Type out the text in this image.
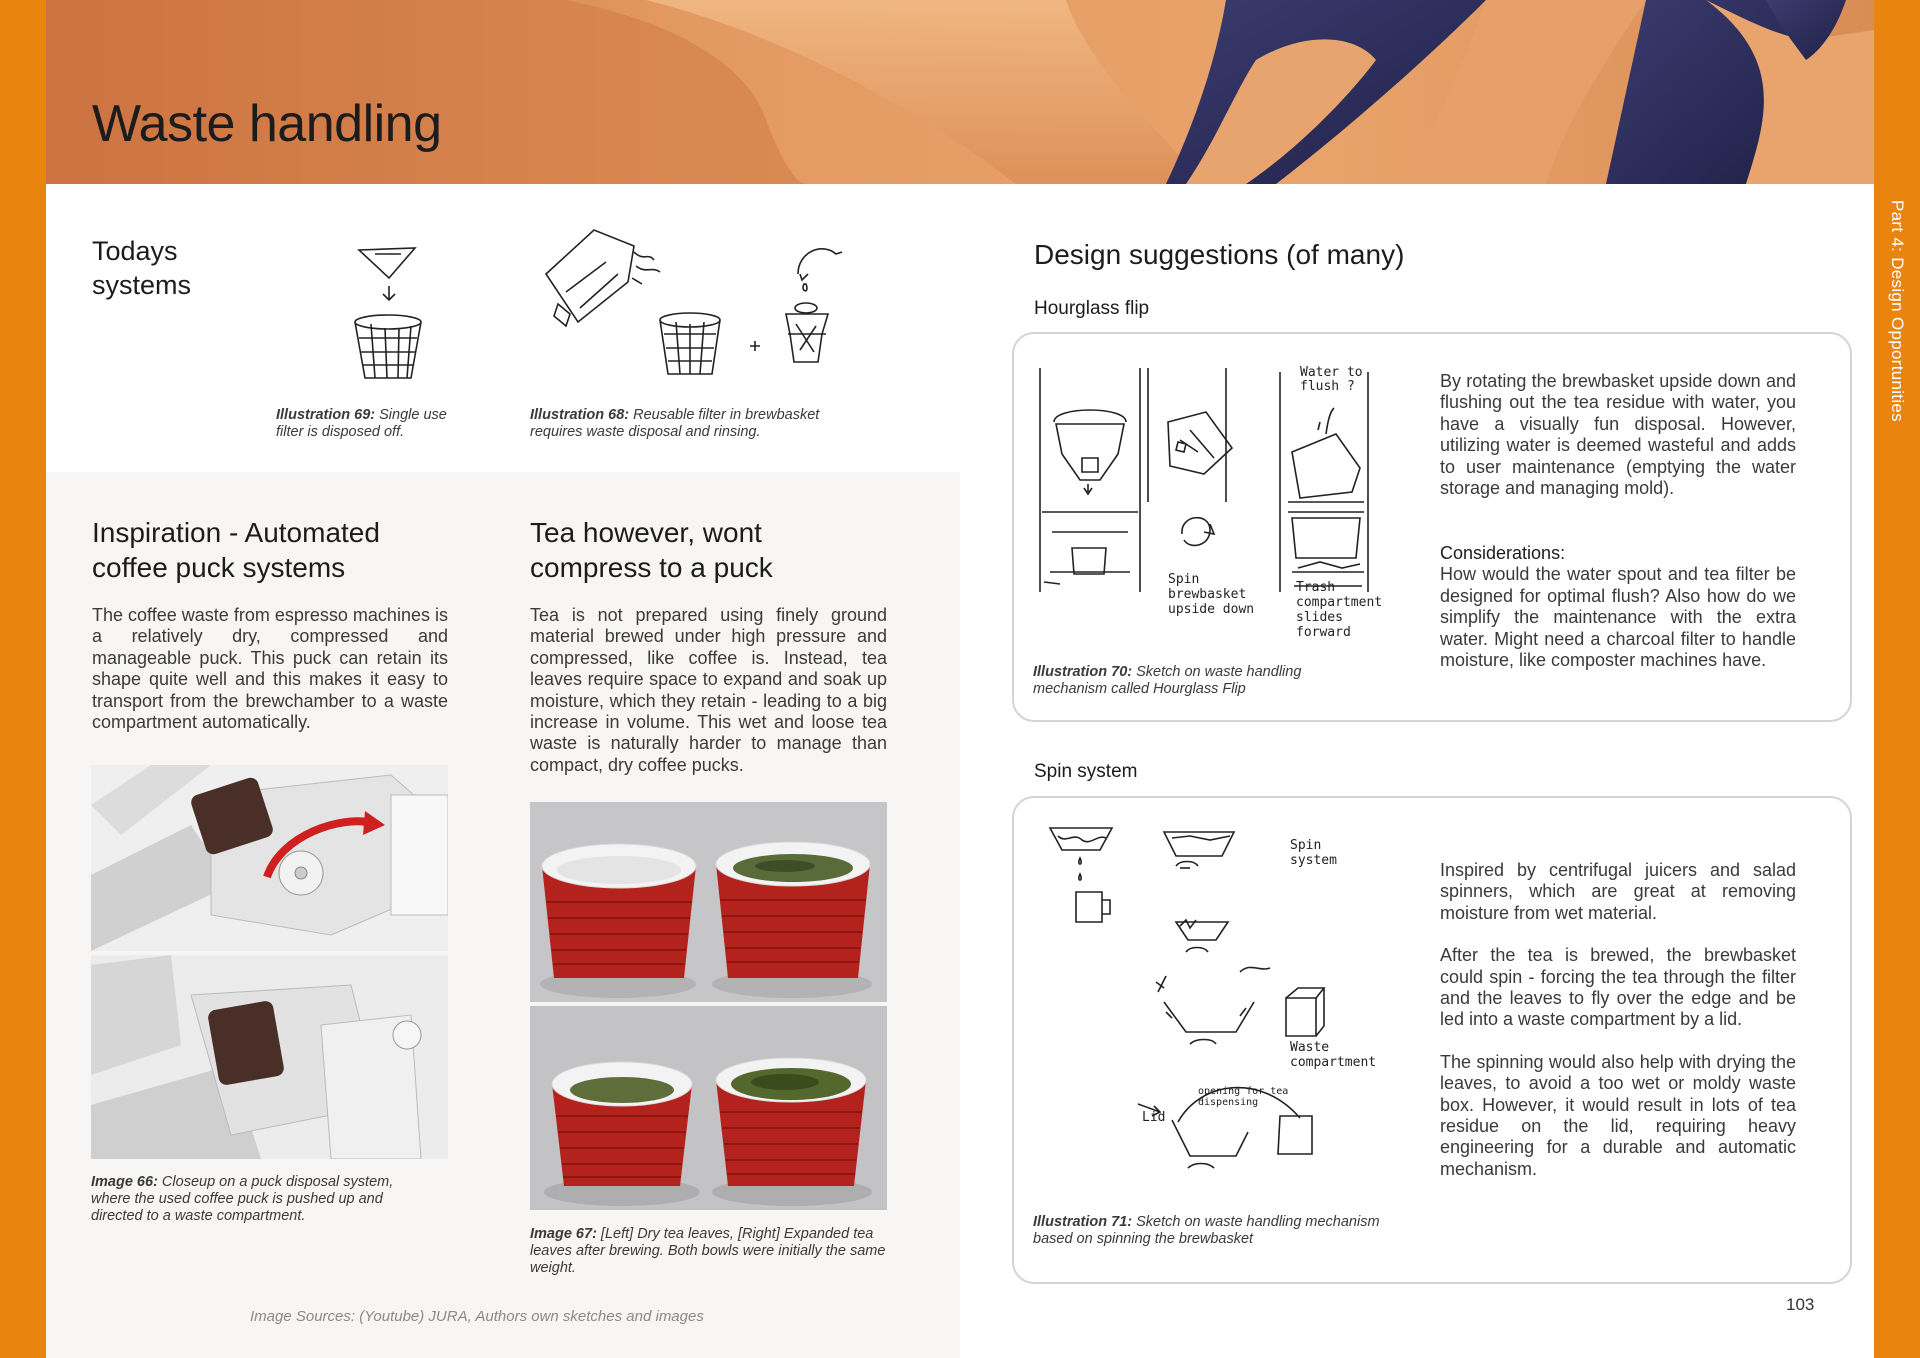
Part 4: Design Opportunities
Waste handling
Todays systems
Illustration 69: Single use filter is disposed off.
Illustration 68: Reusable filter in brewbasket requires waste disposal and rinsing.
Inspiration - Automated coffee puck systems
The coffee waste from espresso machines is a relatively dry, compressed and manageable puck. This puck can retain its shape quite well and this makes it easy to transport from the brewchamber to a waste compartment automatically.
Image 66: Closeup on a puck disposal system, where the used coffee puck is pushed up and directed to a waste compartment.
Tea however, wont compress to a puck
Tea is not prepared using finely ground material brewed under high pressure and compressed, like coffee is. Instead, tea leaves require space to expand and soak up moisture, which they retain - leading to a big increase in volume. This wet and loose tea waste is naturally harder to manage than compact, dry coffee pucks.
Image 67: [Left] Dry tea leaves, [Right] Expanded tea leaves after brewing. Both bowls were initially the same weight.
Image Sources: (Youtube) JURA, Authors own sketches and images
Design suggestions (of many)
Hourglass flip
Water to flush ?
Spin brewbasket upside down
Trash compartment slides forward
Illustration 70: Sketch on waste handling mechanism called Hourglass Flip

By rotating the brewbasket upside down and flushing out the tea residue with water, you have a visually fun disposal. However, utilizing water is deemed wasteful and adds to user maintenance (emptying the water storage and managing mold).

Considerations:
How would the water spout and tea filter be designed for optimal flush? Also how do we simplify the maintenance with the extra water. Might need a charcoal filter to handle moisture, like composter machines have.
Spin system
Spin system
Waste compartment
Lid
opening for tea dispensing
Illustration 71: Sketch on waste handling mechanism based on spinning the brewbasket

Inspired by centrifugal juicers and salad spinners, which are great at removing moisture from wet material.

After the tea is brewed, the brewbasket could spin - forcing the tea through the filter and the leaves to fly over the edge and be led into a waste compartment by a lid.

The spinning would also help with drying the leaves, to avoid a too wet or moldy waste box. However, it would result in lots of tea residue on the lid, requiring heavy engineering for a durable and automatic mechanism.

103
